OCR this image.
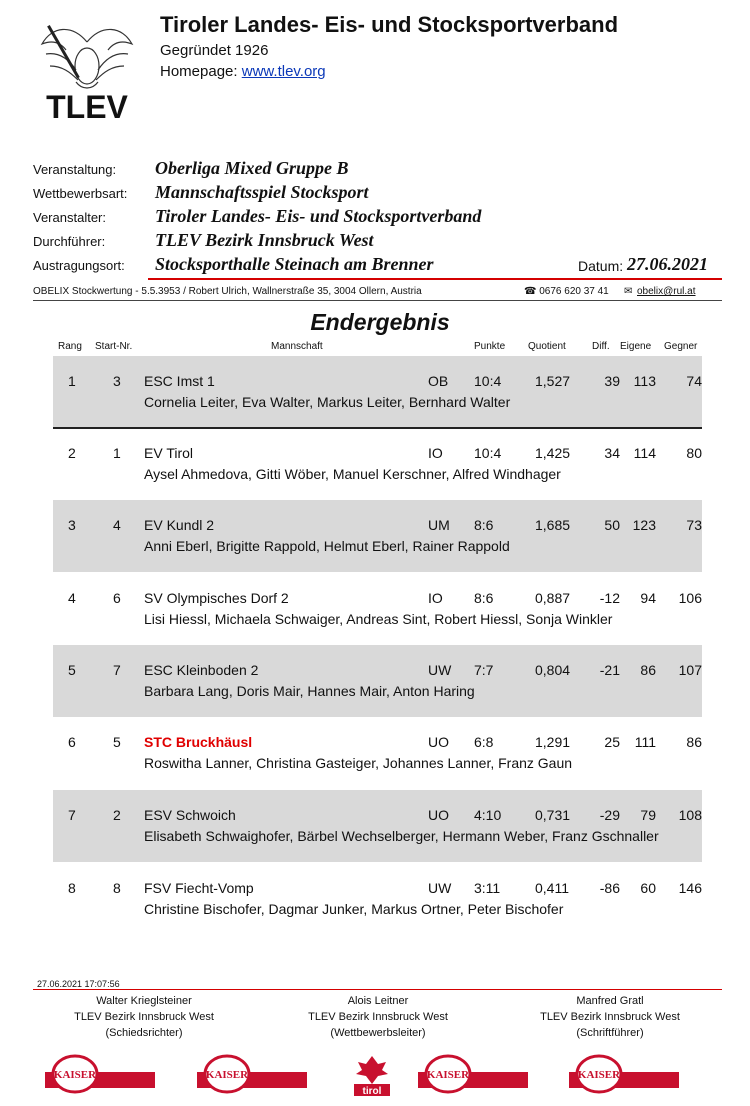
TLEV
Tiroler Landes- Eis- und Stocksportverband
Gegründet 1926
Homepage: www.tlev.org
Veranstaltung: Oberliga Mixed Gruppe B
Wettbewerbsart: Mannschaftsspiel Stocksport
Veranstalter:	Tiroler Landes- Eis- und Stocksportverband
Durchführer:	TLEV Bezirk Innsbruck West
Austragungsort: Stocksporthalle Steinach am Brenner	Datum: 27.06.2021
OBELIX Stockwertung - 5.5.3953 / Robert Ulrich, Wallnerstraße 35, 3004 Ollern, Austria	☎ 0676 620 37 41 ✉ obelix@rul.at
Endergebnis
Rang Start-Nr.	Mannschaft	Punkte Quotient	Diff. Eigene Gegner
1	3 ESC Imst 1	OB 10:4 1,527 39 113 74
Cornelia Leiter, Eva Walter, Markus Leiter, Bernhard Walter
2	1 EV Tirol	IO 10:4 1,425 34 114 80
Aysel Ahmedova, Gitti Wöber, Manuel Kerschner, Alfred Windhager
3	4 EV Kundl 2	UM 8:6	1,685 50 123 73
Anni Eberl, Brigitte Rappold, Helmut Eberl, Rainer Rappold
4	6 SV Olympisches Dorf 2	IO 8:6	0,887 -12 94 106
Lisi Hiessl, Michaela Schwaiger, Andreas Sint, Robert Hiessl, Sonja Winkler
5	7 ESC Kleinboden 2	UW 7:7	0,804 -21 86 107
Barbara Lang, Doris Mair, Hannes Mair, Anton Haring
6	5 STC Bruckhäusl	UO 6:8	1,291 25 111 86
Roswitha Lanner, Christina Gasteiger, Johannes Lanner, Franz Gaun
7	2 ESV Schwoich	UO 4:10 0,731 -29 79 108
Elisabeth Schwaighofer, Bärbel Wechselberger, Hermann Weber, Franz Gschnaller
8	8 FSV Fiecht-Vomp	UW 3:11 0,411 -86 60 146
Christine Bischofer, Dagmar Junker, Markus Ortner, Peter Bischofer
27.06.2021 17:07:56
Walter Krieglsteiner
TLEV Bezirk Innsbruck West
(Schiedsrichter)
Alois Leitner
TLEV Bezirk Innsbruck West
(Wettbewerbsleiter)
Manfred Gratl
TLEV Bezirk Innsbruck West
(Schriftführer)
KAISER	KAISER
tirol
KAISER	KAISER
